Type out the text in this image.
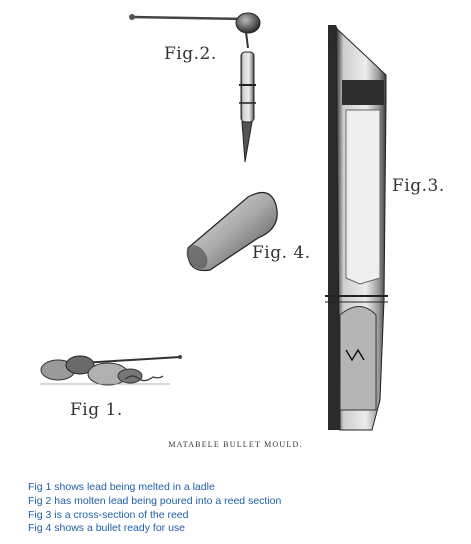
Fig.2.
Fig.3.
Fig. 4.
Fig 1.
MATABELE BULLET MOULD.
Fig 1 shows lead being melted in a ladle
Fig 2 has molten lead being poured into a reed section
Fig 3 is a cross-section of the reed
Fig 4 shows a bullet ready for use
